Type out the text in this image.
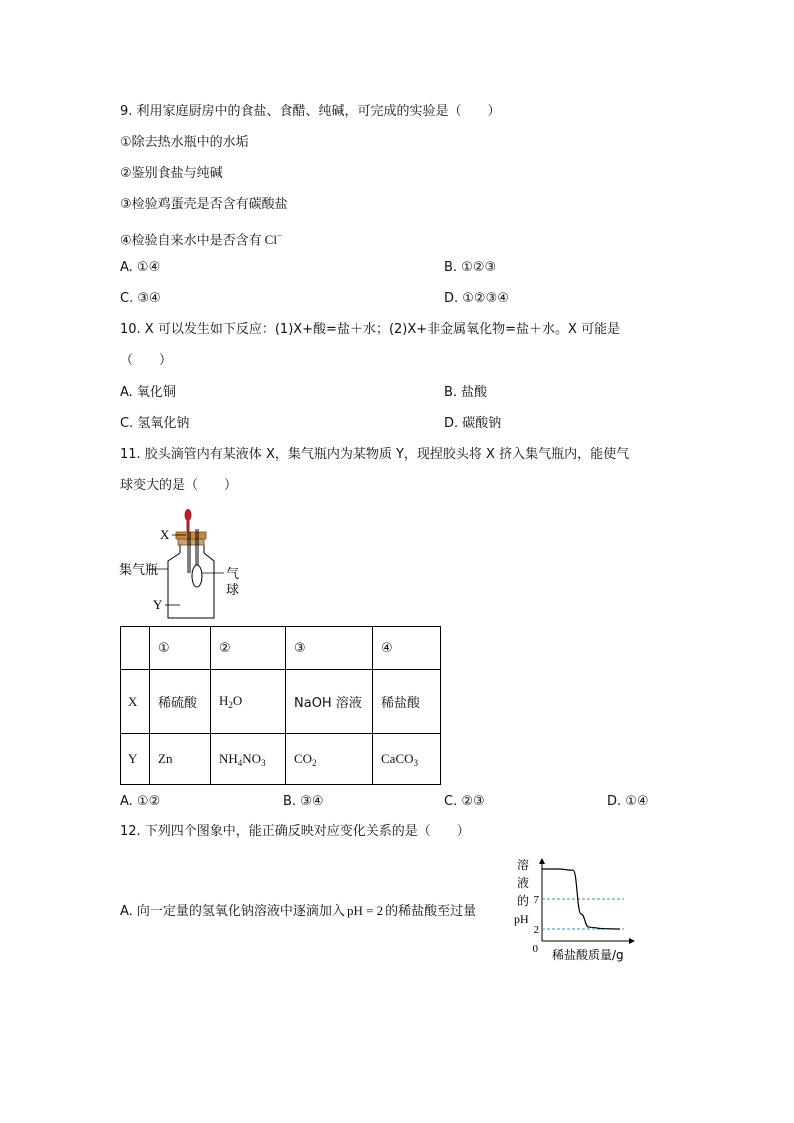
9. 利用家庭厨房中的食盐、食醋、纯碱，可完成的实验是（　　）
①除去热水瓶中的水垢
②鉴别食盐与纯碱
③检验鸡蛋壳是否含有碳酸盐
④检验自来水中是否含有 Cl−
A. ①④	B. ①②③
C. ③④	D. ①②③④
10. X 可以发生如下反应：(1)X+酸=盐＋水；(2)X+非金属氧化物=盐＋水。X 可能是
（　　）
A. 氧化铜	B. 盐酸
C. 氢氧化钠	D. 碳酸钠
11. 胶头滴管内有某液体 X，集气瓶内为某物质 Y，现捏胶头将 X 挤入集气瓶内，能使气
球变大的是（　　）
X
集气瓶	气
球
Y
	①	②	③	④
X	稀硫酸	$H_2O$	NaOH 溶液	稀盐酸
Y	Zn	$NH_4NO_3$	$CO_2$	CaCO$_3$
A. ①②	B. ③④	C. ②③	D. ①④
12. 下列四个图象中，能正确反映对应变化关系的是（　　）
A. 向一定量的氢氧化钠溶液中逐滴加入 pH = 2 的稀盐酸至过量
7
2
0
溶
液
的
pH
稀盐酸质量/g
